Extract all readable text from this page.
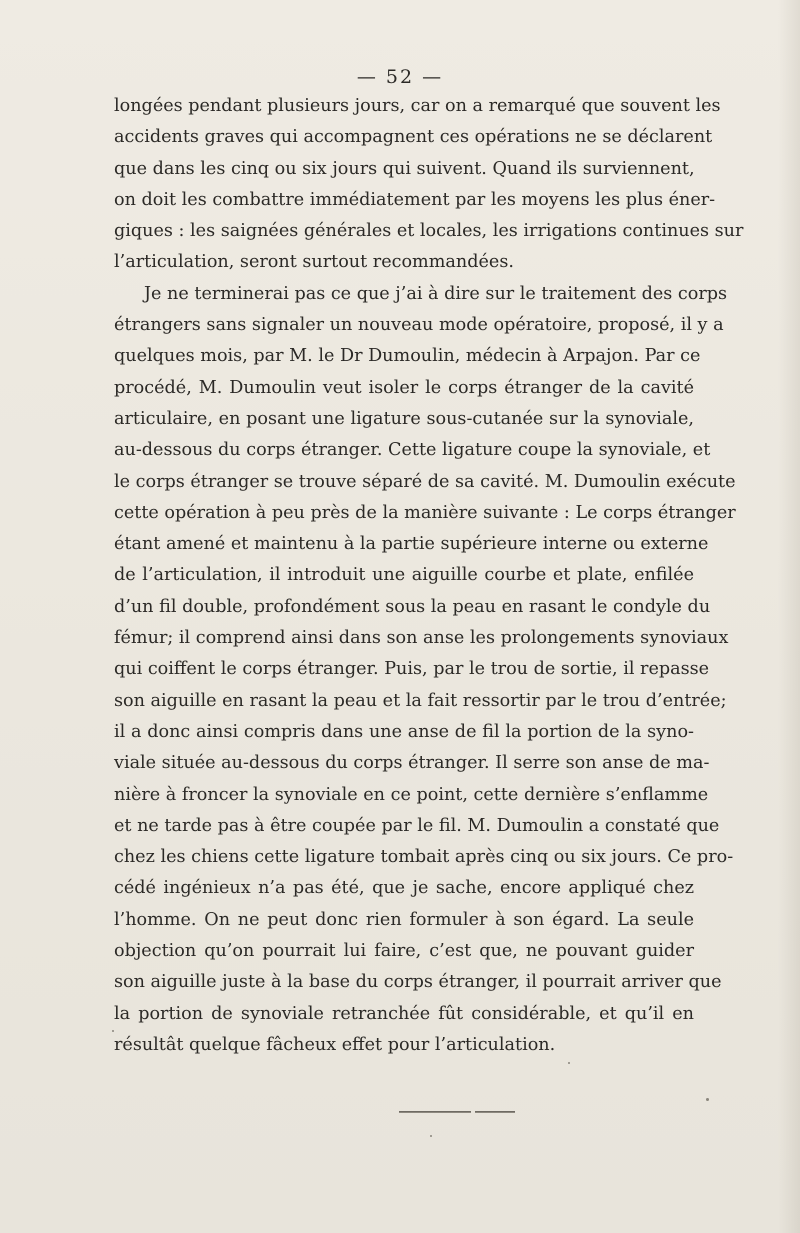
— 52 —
longées pendant plusieurs jours, car on a remarqué que souvent les
accidents graves qui accompagnent ces opérations ne se déclarent
que dans les cinq ou six jours qui suivent. Quand ils surviennent,
on doit les combattre immédiatement par les moyens les plus éner-
giques : les saignées générales et locales, les irrigations continues sur
l’articulation, seront surtout recommandées.
Je ne terminerai pas ce que j’ai à dire sur le traitement des corps
étrangers sans signaler un nouveau mode opératoire, proposé, il y a
quelques mois, par M. le Dr Dumoulin, médecin à Arpajon. Par ce
procédé, M. Dumoulin veut isoler le corps étranger de la cavité
articulaire, en posant une ligature sous-cutanée sur la synoviale,
au-dessous du corps étranger. Cette ligature coupe la synoviale, et
le corps étranger se trouve séparé de sa cavité. M. Dumoulin exécute
cette opération à peu près de la manière suivante : Le corps étranger
étant amené et maintenu à la partie supérieure interne ou externe
de l’articulation, il introduit une aiguille courbe et plate, enfilée
d’un fil double, profondément sous la peau en rasant le condyle du
fémur; il comprend ainsi dans son anse les prolongements synoviaux
qui coiffent le corps étranger. Puis, par le trou de sortie, il repasse
son aiguille en rasant la peau et la fait ressortir par le trou d’entrée;
il a donc ainsi compris dans une anse de fil la portion de la syno-
viale située au-dessous du corps étranger. Il serre son anse de ma-
nière à froncer la synoviale en ce point, cette dernière s’enflamme
et ne tarde pas à être coupée par le fil. M. Dumoulin a constaté que
chez les chiens cette ligature tombait après cinq ou six jours. Ce pro-
cédé ingénieux n’a pas été, que je sache, encore appliqué chez
l’homme. On ne peut donc rien formuler à son égard. La seule
objection qu’on pourrait lui faire, c’est que, ne pouvant guider
son aiguille juste à la base du corps étranger, il pourrait arriver que
la portion de synoviale retranchée fût considérable, et qu’il en
résultât quelque fâcheux effet pour l’articulation.
